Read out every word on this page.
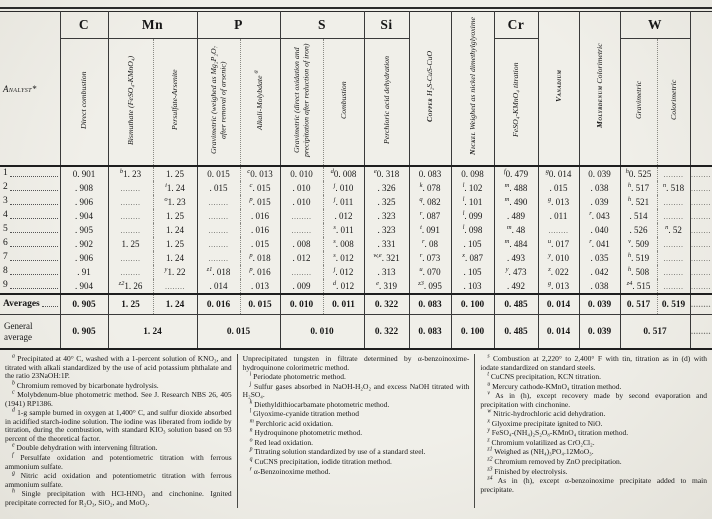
Analyst*	C	Mn		P		S		Si	Copper H₂S-CuS-CuO	Nickel Weighed as nickel dimethylglyoxime	Cr	Vanadium	Molybdenum Colorimetric	W		
	Direct combustion	Bismuthate (FeSO₄-KMnO₄)	Persulfate-Arsenite	Gravimetric (weighed as Mg₂P₂O₇ after removal of arsenic)	Alkali-Molybdate $^a$	Gravimetric (direct oxidation and precipitation after reduction of iron)	Combustion	Perchloric acid dehydration			FeSO₄-KMnO₄ titration			Gravimetric	Colorimetric	

1	0. 901	$^b$1. 23	1. 25	0. 015	$^c$0. 013	0. 010	$^d$0. 008	$^e$0. 318	0. 083	0. 098	$^f$0. 479	$^g$0. 014	0. 039	$^h$0. 525	........	........

2	. 908	........	$^i$1. 24	. 015	$^c$. 015	. 010	$^j$. 010	. 326	$^k$. 078	$^l$. 102	$^m$. 488	. 015	. 038	$^h$. 517	$^n$. 518	........

3	. 906	........	$^o$1. 23	........	$^p$. 015	. 010	$^j$. 011	. 325	$^q$. 082	$^l$. 101	$^m$. 490	$^g$. 013	. 039	$^h$. 521	........	........

4	. 904	........	1. 25	........	. 016	........	. 012	. 323	$^r$. 087	$^l$. 099	. 489	. 011	$^r$. 043	. 514	........	........

5	. 905	........	1. 24	........	. 016	........	$^s$. 011	. 323	$^t$. 091	$^l$. 098	$^m$. 48	........	. 040	. 526	$^n$. 52	........

6	. 902	1. 25	1. 25	........	. 015	. 008	$^s$. 008	. 331	$^r$. 08	. 105	$^m$. 484	$^u$. 017	$^r$. 041	$^v$. 509	........	........

7	. 906	........	1. 24	........	$^p$. 018	. 012	$^s$. 012	$^{w,e}$. 321	$^r$. 073	$^x$. 087	. 493	$^y$. 010	. 035	$^h$. 519	........	........

8	. 91	........	$^y$1. 22	$^{z1}$. 018	$^p$. 016	........	$^j$. 012	. 313	$^u$. 070	. 105	$^y$. 473	$^z$. 022	. 042	$^h$. 508	........	........

9	. 904	$^{z2}$1. 26	........	. 014	. 013	. 009	$^d$. 012	$^e$. 319	$^{z3}$. 095	. 103	. 492	$^g$. 013	. 038	$^{z4}$. 515	........	........

Averages	0. 905	1. 25	1. 24	0. 016	0. 015	0. 010	0. 011	0. 322	0. 083	0. 100	0. 485	0. 014	0. 039	0. 517	0. 519	........

General average	0. 905	1. 24		0. 015		0. 010		0. 322	0. 083	0. 100	0. 485	0. 014	0. 039	0. 517	........

$^a$ Precipitated at 40° C, washed with a 1-percent solution of KNO₃, and titrated with alkali standardized by the use of acid potassium phthalate and the ratio 23NaOH:1P.

$^b$ Chromium removed by bicarbonate hydrolysis.

$^c$ Molybdenum-blue photometric method. See J. Research NBS 26, 405 (1941) RP1386.

$^d$ 1-g sample burned in oxygen at 1,400° C, and sulfur dioxide absorbed in acidified starch-iodine solution. The iodine was liberated from iodide by titration, during the combustion, with standard KIO₃ solution based on 93 percent of the theoretical factor.

$^e$ Double dehydration with intervening filtration.

$^f$ Persulfate oxidation and potentiometric titration with ferrous ammonium sulfate.

$^g$ Nitric acid oxidation and potentiometric titration with ferrous ammonium sulfate.

$^h$ Single precipitation with HCl-HNO₃ and cinchonine. Ignited precipitate corrected for R₂O₃, SiO₂, and MoO₃.

Unprecipitated tungsten in filtrate determined by α-benzoinoxime-hydroquinone colorimetric method.

$^i$ Periodate photometric method.

$^j$ Sulfur gases absorbed in NaOH-H₂O₂ and excess NaOH titrated with H₂SO₄.

$^k$ Diethyldithiocarbamate photometric method.

$^l$ Glyoxime-cyanide titration method

$^m$ Perchloric acid oxidation.

$^n$ Hydroquinone photometric method.

$^o$ Red lead oxidation.

$^p$ Titrating solution standardized by use of a standard steel.

$^q$ CuCNS precipitation, iodide titration method.

$^r$ α-Benzoinoxime method.

$^s$ Combustion at 2,220° to 2,400° F with tin, titration as in (d) with iodate standardized on standard steels.

$^t$ CuCNS precipitation, KCN titration.

$^u$ Mercury cathode-KMnO₄ titration method.

$^v$ As in (h), except recovery made by second evaporation and precipitation with cinchonine.

$^w$ Nitric-hydrochloric acid dehydration.

$^x$ Glyoxime precipitate ignited to NiO.

$^y$ FeSO₄-(NH₄)₂S₂O₈-KMnO₄ titration method.

$^z$ Chromium volatilized as CrO₂Cl₂.

$^{z1}$ Weighed as (NH₄)₃PO₄.12MoO₃.

$^{z2}$ Chromium removed by ZnO precipitation.

$^{z3}$ Finished by electrolysis.

$^{z4}$ As in (h), except α-benzoinoxime precipitate added to main precipitate.
